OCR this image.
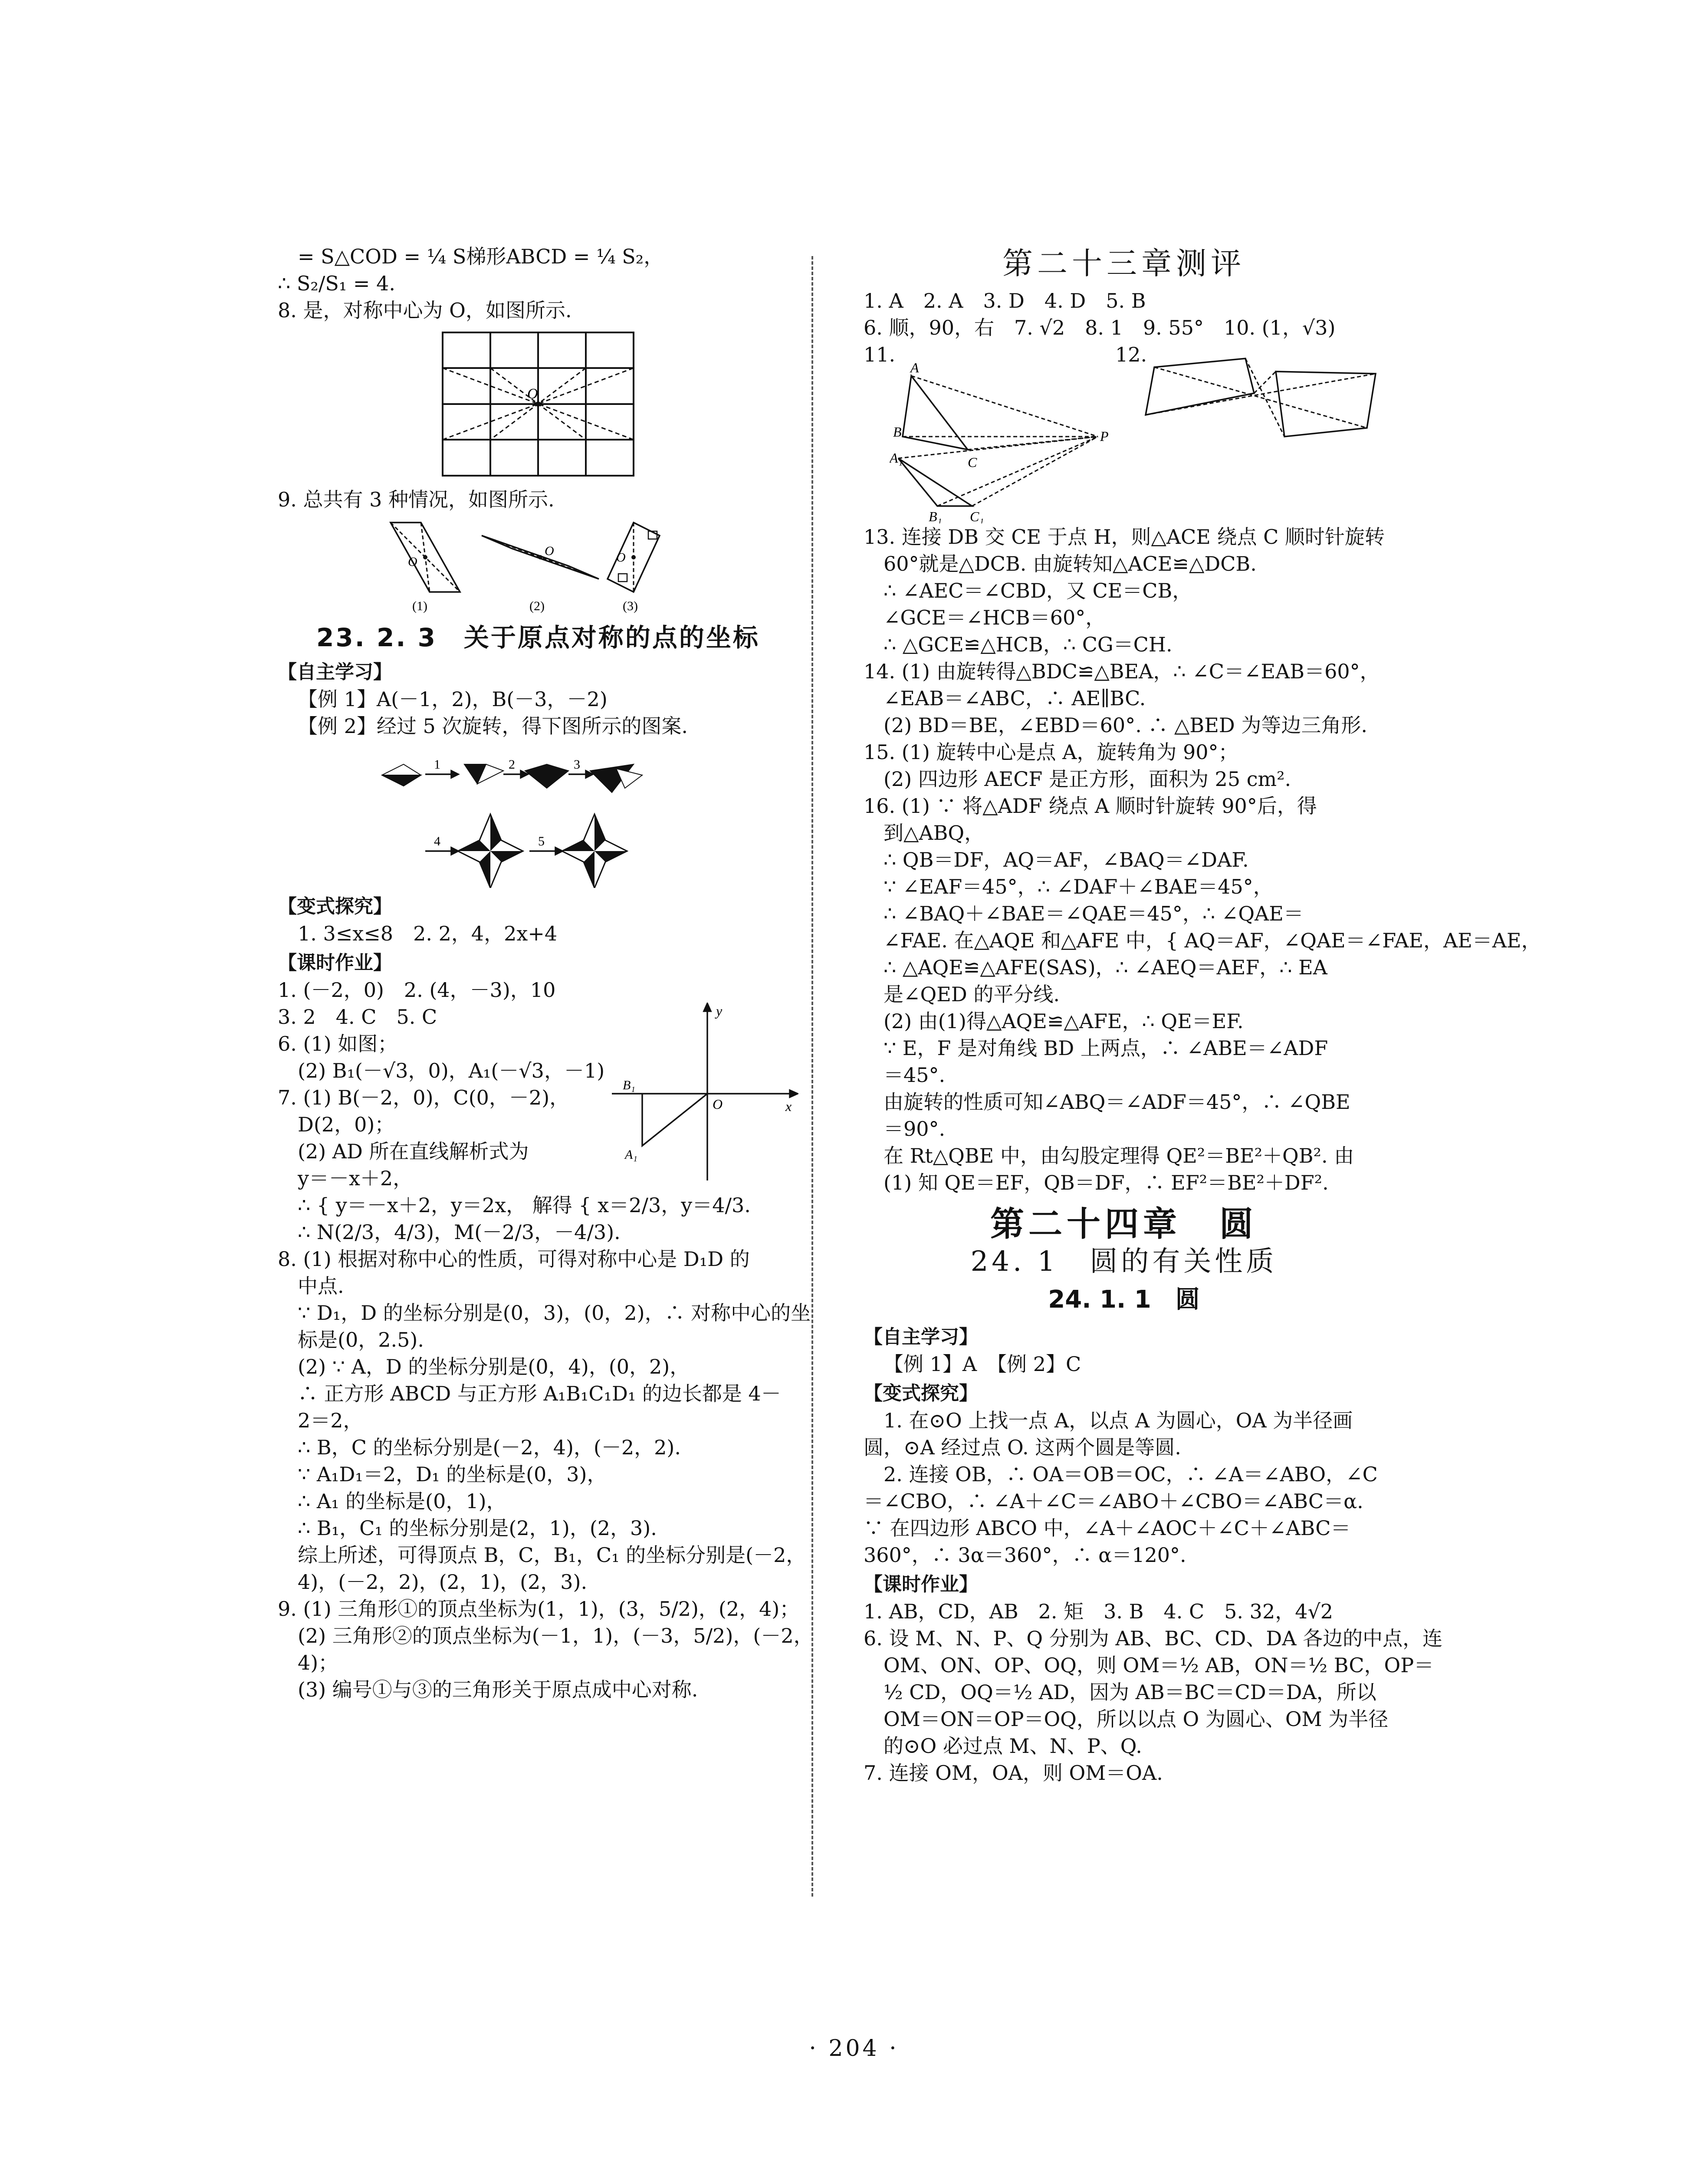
= S△COD = ¼ S梯形ABCD = ¼ S₂，
∴ S₂/S₁ = 4.
8. 是，对称中心为 O，如图所示.
O
9. 总共有 3 种情况，如图所示.
O
O	O
(1)	(2)	(3)
23. 2. 3　关于原点对称的点的坐标
【自主学习】
【例 1】A(－1，2)，B(－3，－2)
【例 2】经过 5 次旋转，得下图所示的图案.
1	2	3
4	5
【变式探究】
1. 3≤x≤8　2. 2，4，2x+4
【课时作业】
1. (－2，0)　2. (4，－3)，10
3. 2　4. C　5. C
6. (1) 如图；
(2) B₁(－√3，0)，A₁(－√3，－1)
7. (1) B(－2，0)，C(0，－2)，
D(2，0)；
(2) AD 所在直线解析式为
y＝－x＋2，
∴ { y＝－x＋2，y＝2x， 解得 { x＝2/3，y＝4/3.
∴ N(2/3，4/3)，M(－2/3，－4/3).
y
x
O
B₁
A₁
8. (1) 根据对称中心的性质，可得对称中心是 D₁D 的
中点.
∵ D₁，D 的坐标分别是(0，3)，(0，2)，∴ 对称中心的坐
标是(0，2.5).
(2) ∵ A，D 的坐标分别是(0，4)，(0，2)，
∴ 正方形 ABCD 与正方形 A₁B₁C₁D₁ 的边长都是 4－
2＝2，
∴ B，C 的坐标分别是(－2，4)，(－2，2).
∵ A₁D₁＝2，D₁ 的坐标是(0，3)，
∴ A₁ 的坐标是(0，1)，
∴ B₁，C₁ 的坐标分别是(2，1)，(2，3).
综上所述，可得顶点 B，C，B₁，C₁ 的坐标分别是(－2，
4)，(－2，2)，(2，1)，(2，3).
9. (1) 三角形①的顶点坐标为(1，1)，(3，5/2)，(2，4)；
(2) 三角形②的顶点坐标为(－1，1)，(－3，5/2)，(－2，
4)；
(3) 编号①与③的三角形关于原点成中心对称.
第二十三章测评
1. A　2. A　3. D　4. D　5. B
6. 顺，90，右　7. √2　8. 1　9. 55°　10. (1，√3)
11.	12.
A
B
A₁	C
P
B₁ C₁
13. 连接 DB 交 CE 于点 H，则△ACE 绕点 C 顺时针旋转
60°就是△DCB. 由旋转知△ACE≌△DCB.
∴ ∠AEC＝∠CBD，又 CE＝CB，
∠GCE＝∠HCB＝60°，
∴ △GCE≌△HCB，∴ CG＝CH.
14. (1) 由旋转得△BDC≌△BEA，∴ ∠C＝∠EAB＝60°，
∠EAB＝∠ABC，∴ AE∥BC.
(2) BD＝BE，∠EBD＝60°. ∴ △BED 为等边三角形.
15. (1) 旋转中心是点 A，旋转角为 90°；
(2) 四边形 AECF 是正方形，面积为 25 cm².
16. (1) ∵ 将△ADF 绕点 A 顺时针旋转 90°后，得
到△ABQ，
∴ QB＝DF，AQ＝AF，∠BAQ＝∠DAF.
∵ ∠EAF＝45°，∴ ∠DAF＋∠BAE＝45°，
∴ ∠BAQ＋∠BAE＝∠QAE＝45°，∴ ∠QAE＝
∠FAE. 在△AQE 和△AFE 中，{ AQ＝AF，∠QAE＝∠FAE，AE＝AE，
∴ △AQE≌△AFE(SAS)，∴ ∠AEQ＝AEF，∴ EA
是∠QED 的平分线.
(2) 由(1)得△AQE≌△AFE，∴ QE＝EF.
∵ E，F 是对角线 BD 上两点，∴ ∠ABE＝∠ADF
＝45°.
由旋转的性质可知∠ABQ＝∠ADF＝45°，∴ ∠QBE
＝90°.
在 Rt△QBE 中，由勾股定理得 QE²＝BE²＋QB². 由
(1) 知 QE＝EF，QB＝DF，∴ EF²＝BE²＋DF².
第二十四章　圆
24. 1　圆的有关性质
24. 1. 1　圆
【自主学习】
【例 1】A　【例 2】C
【变式探究】
1. 在⊙O 上找一点 A，以点 A 为圆心，OA 为半径画
圆，⊙A 经过点 O. 这两个圆是等圆.
2. 连接 OB，∴ OA＝OB＝OC，∴ ∠A＝∠ABO，∠C
＝∠CBO，∴ ∠A＋∠C＝∠ABO＋∠CBO＝∠ABC＝α.
∵ 在四边形 ABCO 中，∠A＋∠AOC＋∠C＋∠ABC＝
360°，∴ 3α＝360°，∴ α＝120°.
【课时作业】
1. AB，CD，AB　2. 矩　3. B　4. C　5. 32，4√2
6. 设 M、N、P、Q 分别为 AB、BC、CD、DA 各边的中点，连
OM、ON、OP、OQ，则 OM＝½ AB，ON＝½ BC，OP＝
½ CD，OQ＝½ AD，因为 AB＝BC＝CD＝DA，所以
OM＝ON＝OP＝OQ，所以以点 O 为圆心、OM 为半径
的⊙O 必过点 M、N、P、Q.
7. 连接 OM，OA，则 OM＝OA.
· 204 ·
